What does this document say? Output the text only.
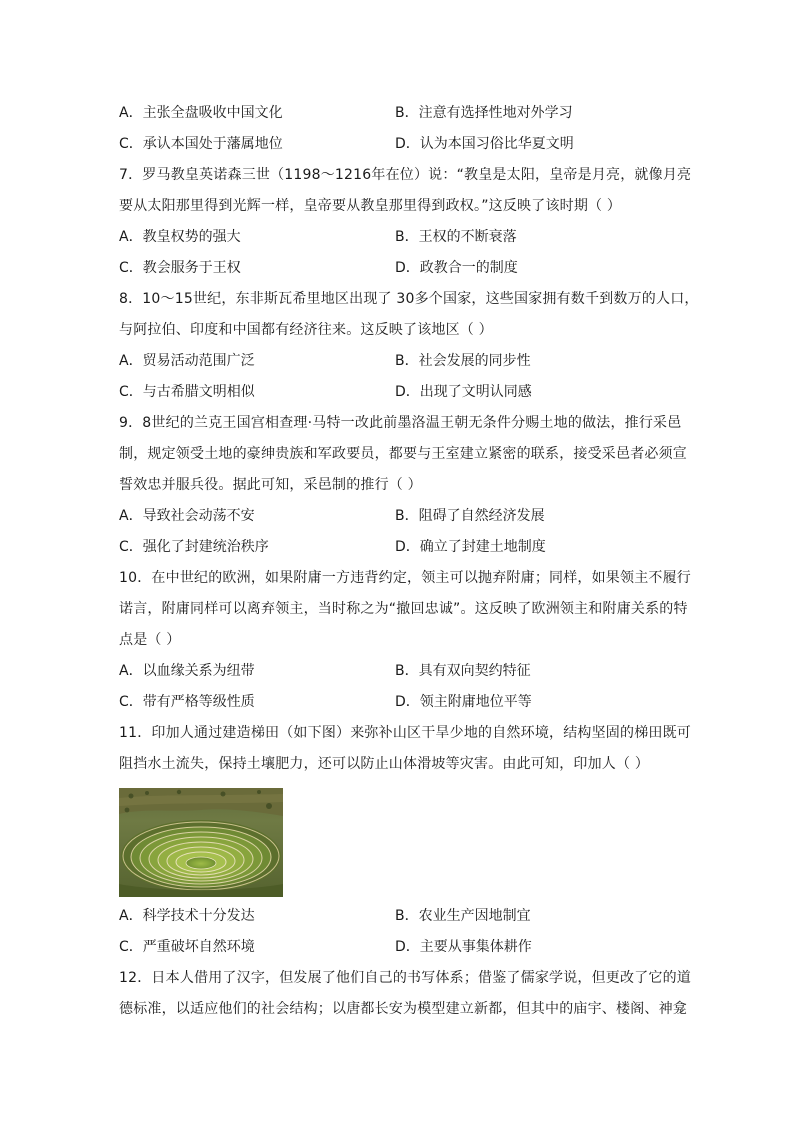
A．主张全盘吸收中国文化	B．注意有选择性地对外学习
C．承认本国处于藩属地位	D．认为本国习俗比华夏文明
7．罗马教皇英诺森三世（1198～1216年在位）说：“教皇是太阳，皇帝是月亮，就像月亮
要从太阳那里得到光辉一样，皇帝要从教皇那里得到政权。”这反映了该时期（ ）
A．教皇权势的强大	B．王权的不断衰落
C．教会服务于王权	D．政教合一的制度
8．10～15世纪，东非斯瓦希里地区出现了 30多个国家，这些国家拥有数千到数万的人口，
与阿拉伯、印度和中国都有经济往来。这反映了该地区（ ）
A．贸易活动范围广泛	B．社会发展的同步性
C．与古希腊文明相似	D．出现了文明认同感
9．8世纪的兰克王国宫相查理·马特一改此前墨洛温王朝无条件分赐土地的做法，推行采邑
制，规定领受土地的豪绅贵族和军政要员，都要与王室建立紧密的联系，接受采邑者必须宣
誓效忠并服兵役。据此可知，采邑制的推行（ ）
A．导致社会动荡不安	B．阻碍了自然经济发展
C．强化了封建统治秩序	D．确立了封建土地制度
10．在中世纪的欧洲，如果附庸一方违背约定，领主可以抛弃附庸；同样，如果领主不履行
诺言，附庸同样可以离弃领主，当时称之为“撤回忠诚”。这反映了欧洲领主和附庸关系的特
点是（ ）
A．以血缘关系为纽带	B．具有双向契约特征
C．带有严格等级性质	D．领主附庸地位平等
11．印加人通过建造梯田（如下图）来弥补山区干旱少地的自然环境，结构坚固的梯田既可
阻挡水土流失，保持土壤肥力，还可以防止山体滑坡等灾害。由此可知，印加人（ ）
A．科学技术十分发达	B．农业生产因地制宜
C．严重破坏自然环境	D．主要从事集体耕作
12．日本人借用了汉字，但发展了他们自己的书写体系；借鉴了儒家学说，但更改了它的道
德标准，以适应他们的社会结构；以唐都长安为模型建立新都，但其中的庙宇、楼阁、神龛
